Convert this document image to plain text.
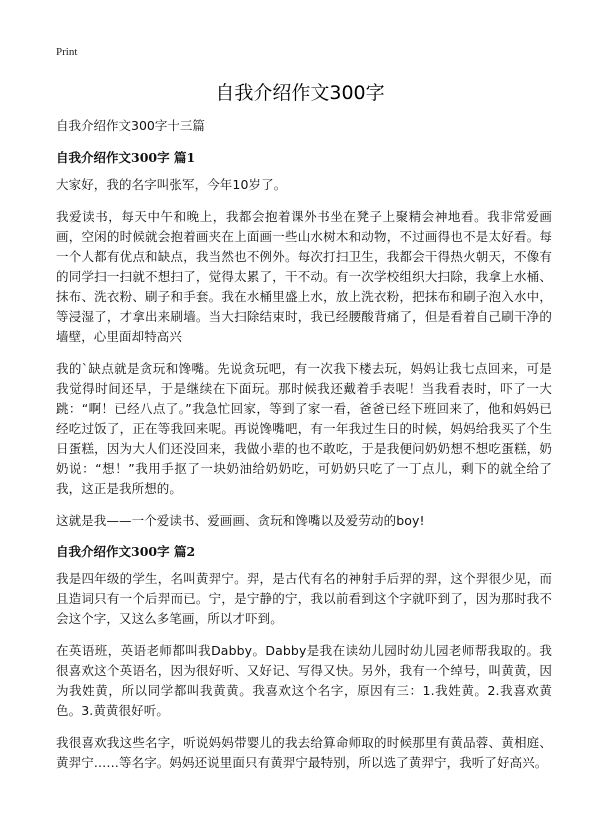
Print
自我介绍作文300字

自我介绍作文300字十三篇

自我介绍作文300字 篇1

大家好，我的名字叫张军，今年10岁了。

我爱读书，每天中午和晚上，我都会抱着课外书坐在凳子上聚精会神地看。我非常爱画画，空闲的时候就会抱着画夹在上面画一些山水树木和动物，不过画得也不是太好看。每一个人都有优点和缺点，我当然也不例外。每次打扫卫生，我都会干得热火朝天，不像有的同学扫一扫就不想扫了，觉得太累了，干不动。有一次学校组织大扫除，我拿上水桶、抹布、洗衣粉、刷子和手套。我在水桶里盛上水，放上洗衣粉，把抹布和刷子泡入水中，等浸湿了，才拿出来刷墙。当大扫除结束时，我已经腰酸背痛了，但是看着自己刷干净的墙壁，心里面却特高兴

我的`缺点就是贪玩和馋嘴。先说贪玩吧，有一次我下楼去玩，妈妈让我七点回来，可是我觉得时间还早，于是继续在下面玩。那时候我还戴着手表呢！当我看表时，吓了一大跳：“啊！已经八点了。”我急忙回家，等到了家一看，爸爸已经下班回来了，他和妈妈已经吃过饭了，正在等我回来呢。再说馋嘴吧，有一年我过生日的时候，妈妈给我买了个生日蛋糕，因为大人们还没回来，我做小辈的也不敢吃，于是我便问奶奶想不想吃蛋糕，奶奶说：“想！”我用手抠了一块奶油给奶奶吃，可奶奶只吃了一丁点儿，剩下的就全给了我，这正是我所想的。

这就是我——一个爱读书、爱画画、贪玩和馋嘴以及爱劳动的boy!

自我介绍作文300字 篇2

我是四年级的学生，名叫黄羿宁。羿，是古代有名的神射手后羿的羿，这个羿很少见，而且造词只有一个后羿而已。宁，是宁静的宁，我以前看到这个字就吓到了，因为那时我不会这个字，又这么多笔画，所以才吓到。

在英语班，英语老师都叫我Dabby。Dabby是我在读幼儿园时幼儿园老师帮我取的。我很喜欢这个英语名，因为很好听、又好记、写得又快。另外，我有一个绰号，叫黄黄，因为我姓黄，所以同学都叫我黄黄。我喜欢这个名字，原因有三：1.我姓黄。2.我喜欢黄色。3.黄黄很好听。

我很喜欢我这些名字，听说妈妈带婴儿的我去给算命师取的时候那里有黄品蓉、黄相庭、黄羿宁……等名字。妈妈还说里面只有黄羿宁最特别，所以选了黄羿宁，我听了好高兴。
